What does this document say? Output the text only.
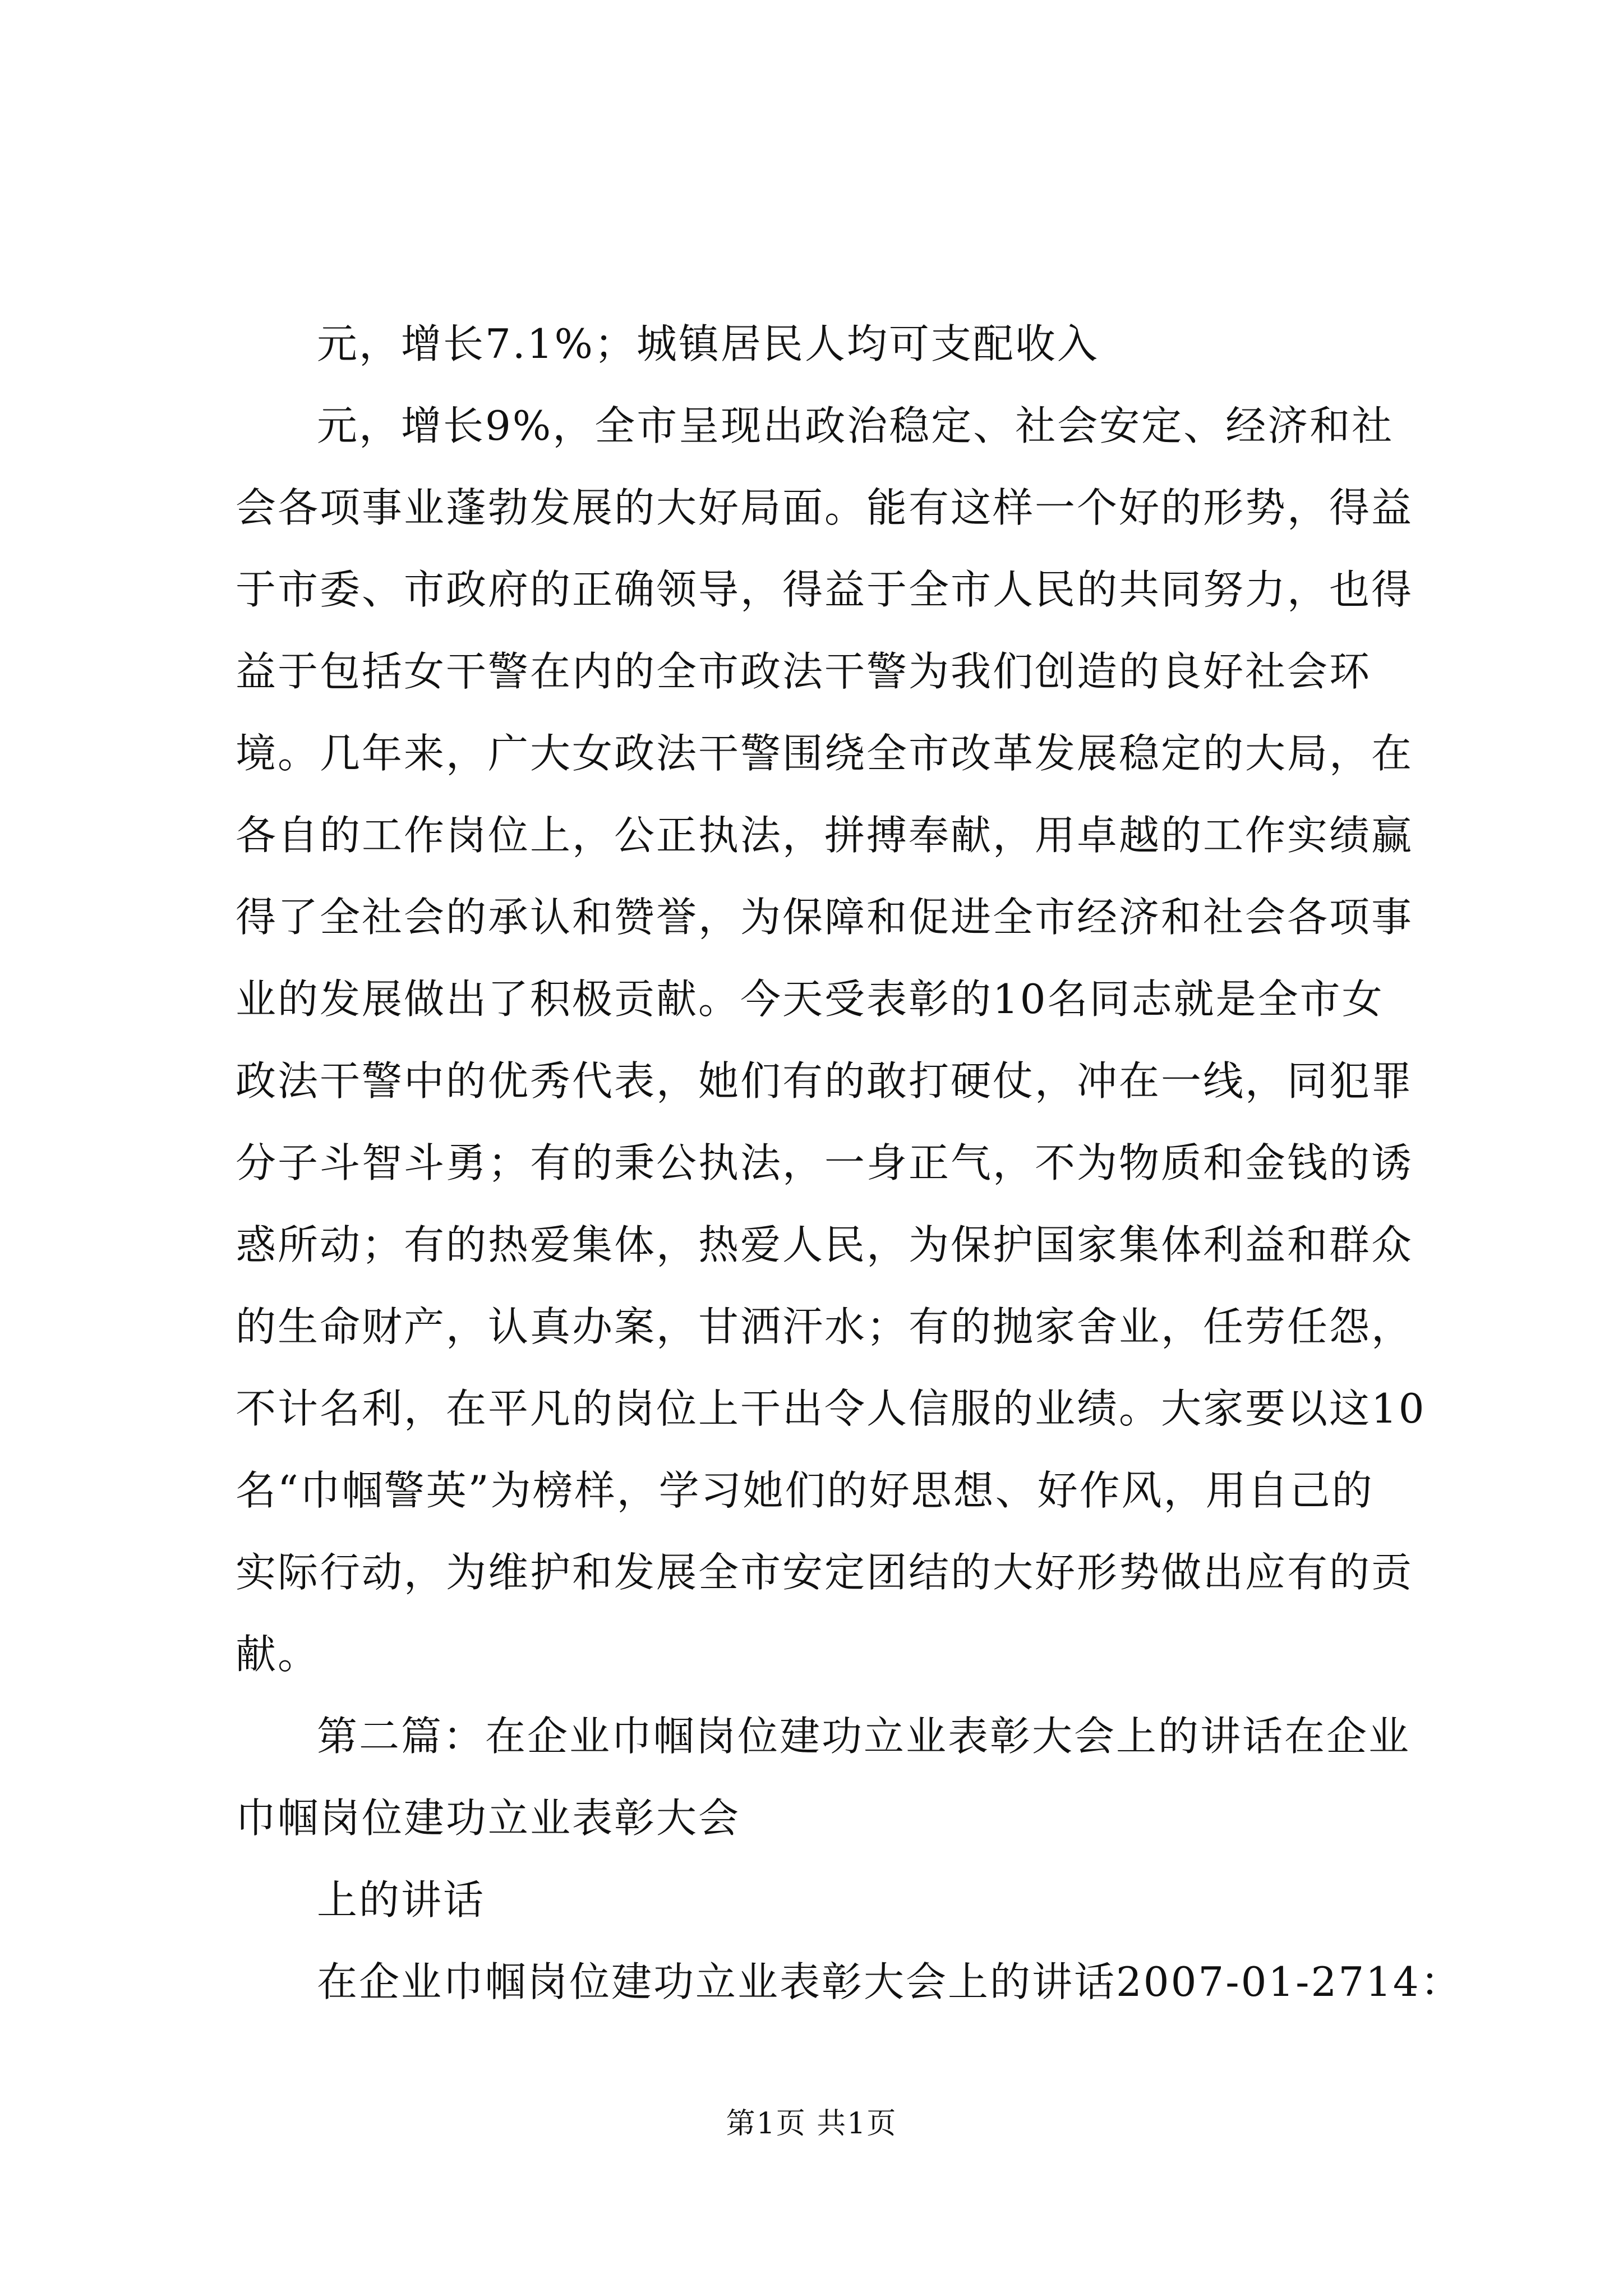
元，增长7.1%；城镇居民人均可支配收入
元，增长9%，全市呈现出政治稳定、社会安定、经济和社
会各项事业蓬勃发展的大好局面。能有这样一个好的形势，得益
于市委、市政府的正确领导，得益于全市人民的共同努力，也得
益于包括女干警在内的全市政法干警为我们创造的良好社会环
境。几年来，广大女政法干警围绕全市改革发展稳定的大局，在
各自的工作岗位上，公正执法，拼搏奉献，用卓越的工作实绩赢
得了全社会的承认和赞誉，为保障和促进全市经济和社会各项事
业的发展做出了积极贡献。今天受表彰的10名同志就是全市女
政法干警中的优秀代表，她们有的敢打硬仗，冲在一线，同犯罪
分子斗智斗勇；有的秉公执法，一身正气，不为物质和金钱的诱
惑所动；有的热爱集体，热爱人民，为保护国家集体利益和群众
的生命财产，认真办案，甘洒汗水；有的抛家舍业，任劳任怨，
不计名利，在平凡的岗位上干出令人信服的业绩。大家要以这10
名“巾帼警英”为榜样，学习她们的好思想、好作风，用自己的
实际行动，为维护和发展全市安定团结的大好形势做出应有的贡
献。
第二篇：在企业巾帼岗位建功立业表彰大会上的讲话在企业
巾帼岗位建功立业表彰大会
上的讲话
在企业巾帼岗位建功立业表彰大会上的讲话2007-01-2714：
第1页 共1页
